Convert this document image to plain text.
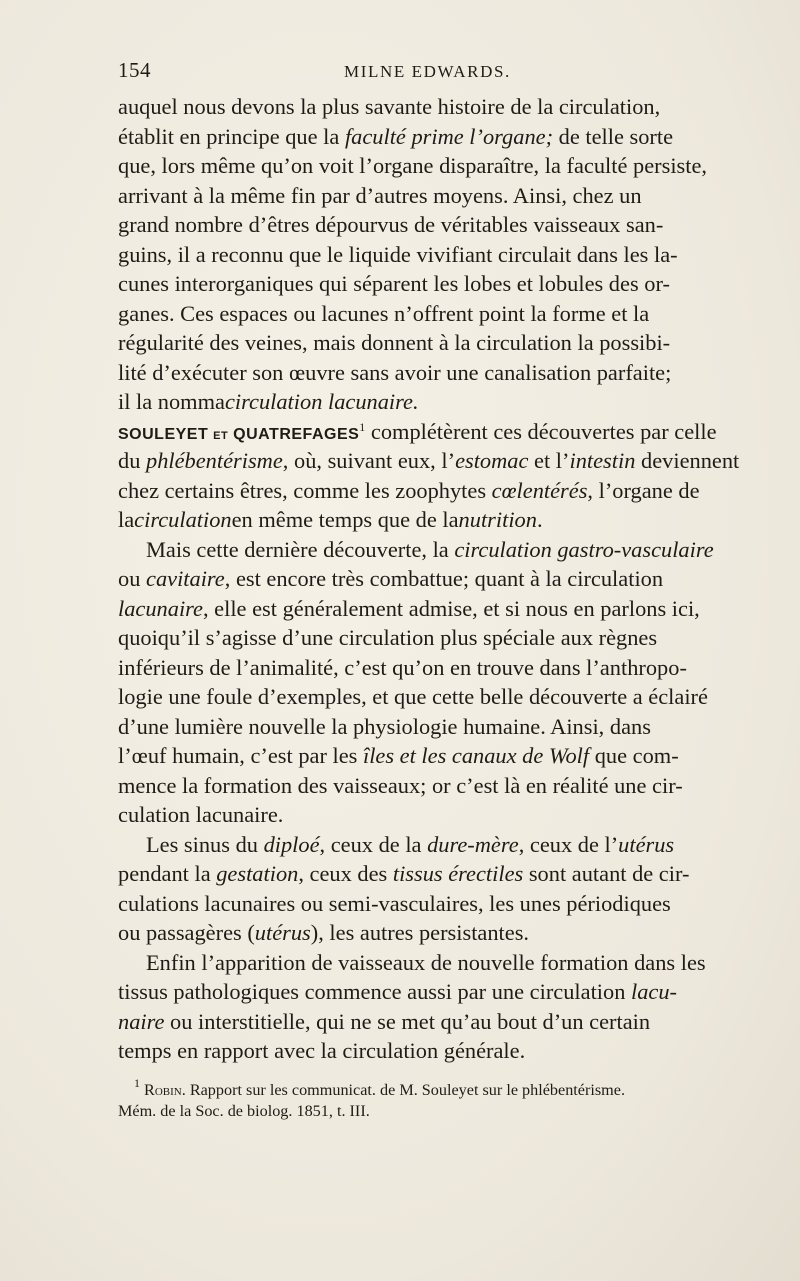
154	MILNE EDWARDS.
auquel nous devons la plus savante histoire de la circulation,
établit en principe que la faculté prime l’organe; de telle sorte
que, lors même qu’on voit l’organe disparaître, la faculté persiste,
arrivant à la même fin par d’autres moyens. Ainsi, chez un
grand nombre d’êtres dépourvus de véritables vaisseaux san-
guins, il a reconnu que le liquide vivifiant circulait dans les la-
cunes interorganiques qui séparent les lobes et lobules des or-
ganes. Ces espaces ou lacunes n’offrent point la forme et la
régularité des veines, mais donnent à la circulation la possibi-
lité d’exécuter son œuvre sans avoir une canalisation parfaite;
il la nomma circulation lacunaire.
SOULEYET et QUATREFAGES$^1$ complétèrent ces découvertes par celle
du phlébentérisme, où, suivant eux, l’estomac et l’intestin deviennent
chez certains êtres, comme les zoophytes cœlentérés, l’organe de
la circulation en même temps que de la nutrition .
Mais cette dernière découverte, la circulation gastro-vasculaire
ou cavitaire, est encore très combattue; quant à la circulation
lacunaire, elle est généralement admise, et si nous en parlons ici,
quoiqu’il s’agisse d’une circulation plus spéciale aux règnes
inférieurs de l’animalité, c’est qu’on en trouve dans l’anthropo-
logie une foule d’exemples, et que cette belle découverte a éclairé
d’une lumière nouvelle la physiologie humaine. Ainsi, dans
l’œuf humain, c’est par les îles et les canaux de Wolf que com-
mence la formation des vaisseaux; or c’est là en réalité une cir-
culation lacunaire.
Les sinus du diploé, ceux de la dure-mère, ceux de l’utérus
pendant la gestation, ceux des tissus érectiles sont autant de cir-
culations lacunaires ou semi-vasculaires, les unes périodiques
ou passagères ( utérus ), les autres persistantes.
Enfin l’apparition de vaisseaux de nouvelle formation dans les
tissus pathologiques commence aussi par une circulation lacu-
naire ou interstitielle, qui ne se met qu’au bout d’un certain
temps en rapport avec la circulation générale.
$^1$ Robin. Rapport sur les communicat. de M. Souleyet sur le phlébentérisme.
Mém. de la Soc. de biolog. 1851, t. III.
